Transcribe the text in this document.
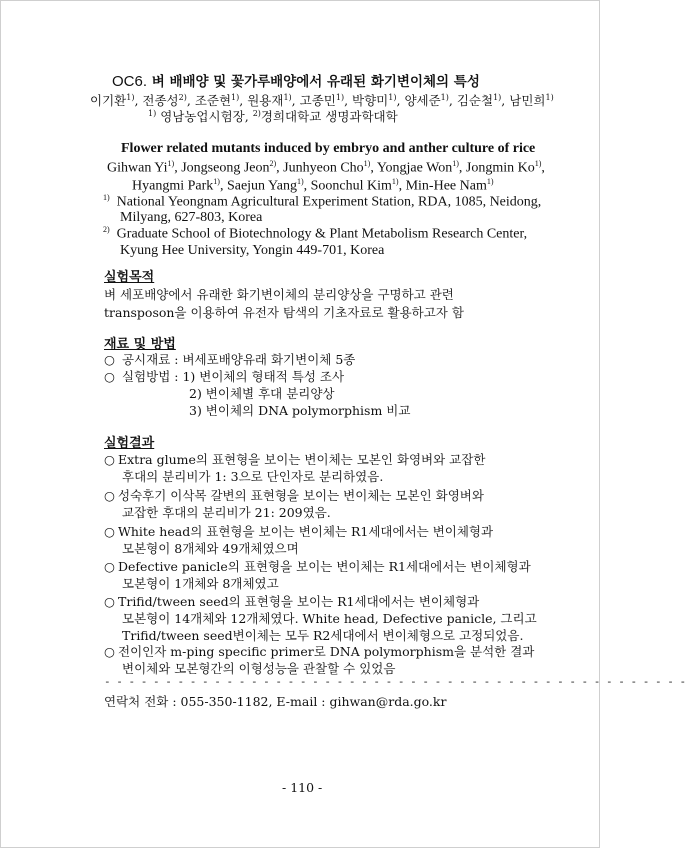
OC6. 벼 배배양 및 꽃가루배양에서 유래된 화기변이체의 특성
이기환$^{1)}$, 전종성$^{2)}$, 조준현$^{1)}$, 원용재$^{1)}$, 고종민$^{1)}$, 박향미$^{1)}$, 양세준$^{1)}$, 김순철$^{1)}$, 남민희$^{1)}$
$^{1)}$ 영남농업시험장, $^{2)}$경희대학교 생명과학대학
Flower related mutants induced by embryo and anther culture of rice
Gihwan Yi$^{1)}$, Jongseong Jeon$^{2)}$, Junhyeon Cho$^{1)}$, Yongjae Won$^{1)}$, Jongmin Ko$^{1)}$,
Hyangmi Park$^{1)}$, Saejun Yang$^{1)}$, Soonchul Kim$^{1)}$, Min-Hee Nam$^{1)}$
$^{1)}$ National Yeongnam Agricultural Experiment Station, RDA, 1085, Neidong,
Milyang, 627-803, Korea
$^{2)}$ Graduate School of Biotechnology & Plant Metabolism Research Center,
Kyung Hee University, Yongin 449-701, Korea
실험목적
벼 세포배양에서 유래한 화기변이체의 분리양상을 구명하고 관련
transposon을 이용하여 유전자 탐색의 기초자료로 활용하고자 함
재료 및 방법
○ 공시재료 : 벼세포배양유래 화기변이체 5종
○ 실험방법 : 1) 변이체의 형태적 특성 조사
2) 변이체별 후대 분리양상
3) 변이체의 DNA polymorphism 비교
실험결과
○ Extra glume의 표현형을 보이는 변이체는 모본인 화영벼와 교잡한
후대의 분리비가 1: 3으로 단인자로 분리하였음.
○ 성숙후기 이삭목 갈변의 표현형을 보이는 변이체는 모본인 화영벼와
교잡한 후대의 분리비가 21: 209였음.
○ White head의 표현형을 보이는 변이체는 R1세대에서는 변이체형과
모본형이 8개체와 49개체였으며
○ Defective panicle의 표현형을 보이는 변이체는 R1세대에서는 변이체형과
모본형이 1개체와 8개체였고
○ Trifid/tween seed의 표현형을 보이는 R1세대에서는 변이체형과
모본형이 14개체와 12개체였다. White head, Defective panicle, 그리고
Trifid/tween seed변이체는 모두 R2세대에서 변이체형으로 고정되었음.
○ 전이인자 m-ping specific primer로 DNA polymorphism을 분석한 결과
변이체와 모본형간의 이형성능을 관찰할 수 있었음
- - - - - - - - - - - - - - - - - - - - - - - - - - - - - - - - - - - - - - - - - - - - - - - -
연락처 전화 : 055-350-1182, E-mail : gihwan@rda.go.kr
- 110 -
